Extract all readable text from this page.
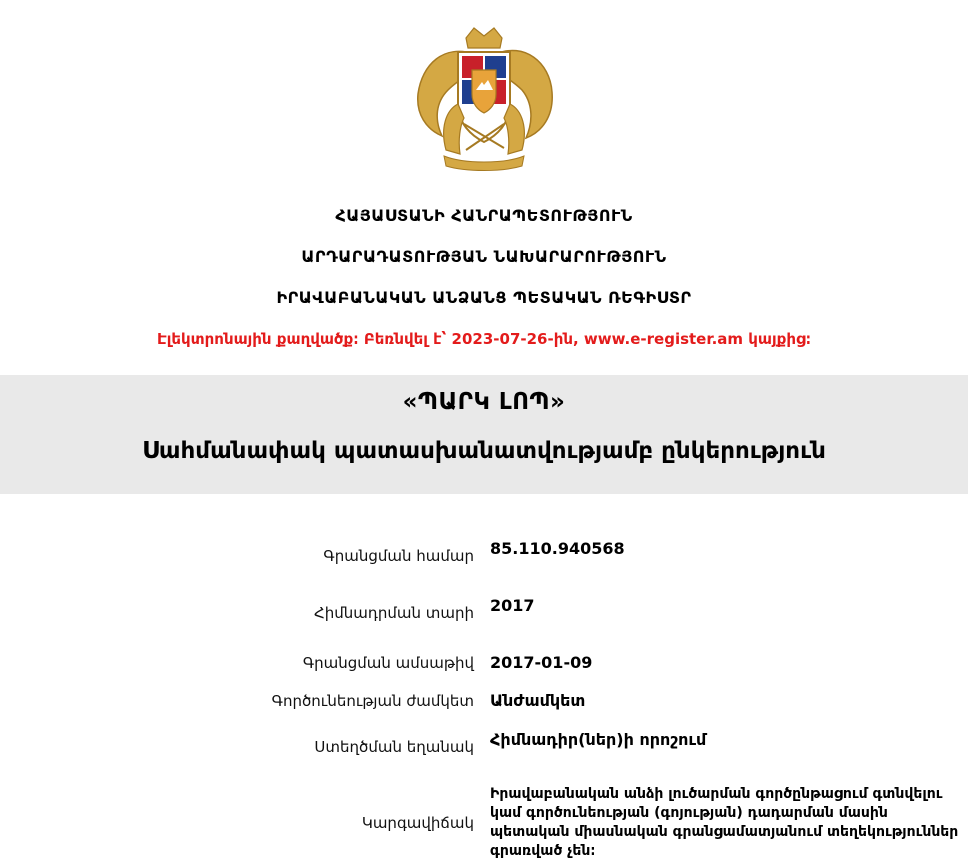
ՀԱՅԱՍՏԱՆԻ ՀԱՆՐԱՊԵՏՈՒԹՅՈՒՆ
ԱՐԴԱՐԱԴԱՏՈՒԹՅԱՆ ՆԱԽԱՐԱՐՈՒԹՅՈՒՆ
ԻՐԱՎԱԲԱՆԱԿԱՆ ԱՆՁԱՆՑ ՊԵՏԱԿԱՆ ՌԵԳԻՍՏՐ
Էլեկտրոնային քաղվածք։ Բեռնվել է՝ 2023-07-26-ին, www.e-register.am կայքից։
«ՊԱՐԿ ԼՈՊ»
Սահմանափակ պատասխանատվությամբ ընկերություն
Գրանցման համար 85.110.940568
Հիմնադրման տարի 2017
Գրանցման ամսաթիվ 2017-01-09
Գործունեության ժամկետ Անժամկետ
Ստեղծման եղանակ Հիմնադիր(ներ)ի որոշում
Կարգավիճակ
Իրավաբանական անձի լուծարման գործընթացում գտնվելու կամ գործունեության (գոյության) դադարման մասին պետական միասնական գրանցամատյանում տեղեկություններ գրառված չեն։
